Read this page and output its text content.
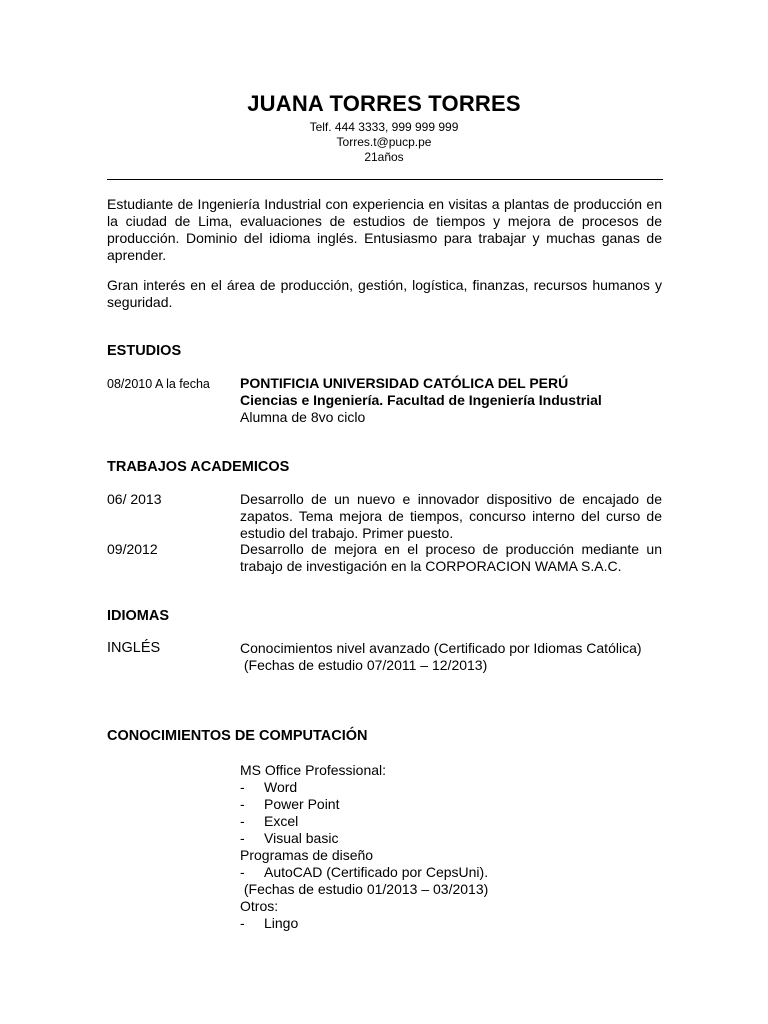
JUANA TORRES TORRES
Telf. 444 3333, 999 999 999
Torres.t@pucp.pe
21años
Estudiante de Ingeniería Industrial con experiencia en visitas a plantas de producción en la ciudad de Lima, evaluaciones de estudios de tiempos y mejora de procesos de producción. Dominio del idioma inglés. Entusiasmo para trabajar y muchas ganas de aprender.
Gran interés en el área de producción, gestión, logística, finanzas, recursos humanos y seguridad.
ESTUDIOS
08/2010 A la fecha PONTIFICIA UNIVERSIDAD CATÓLICA DEL PERÚ
Ciencias e Ingeniería. Facultad de Ingeniería Industrial
Alumna de 8vo ciclo
TRABAJOS ACADEMICOS
06/ 2013	Desarrollo de un nuevo e innovador dispositivo de encajado de zapatos. Tema mejora de tiempos, concurso interno del curso de estudio del trabajo. Primer puesto.
09/2012	Desarrollo de mejora en el proceso de producción mediante un trabajo de investigación en la CORPORACION WAMA S.A.C.
IDIOMAS
INGLÉS	Conocimientos nivel avanzado (Certificado por Idiomas Católica)
(Fechas de estudio 07/2011 – 12/2013)
CONOCIMIENTOS DE COMPUTACIÓN
MS Office Professional:
- Word
- Power Point
- Excel
- Visual basic
Programas de diseño
- AutoCAD (Certificado por CepsUni).
(Fechas de estudio 01/2013 – 03/2013)
Otros:
- Lingo
